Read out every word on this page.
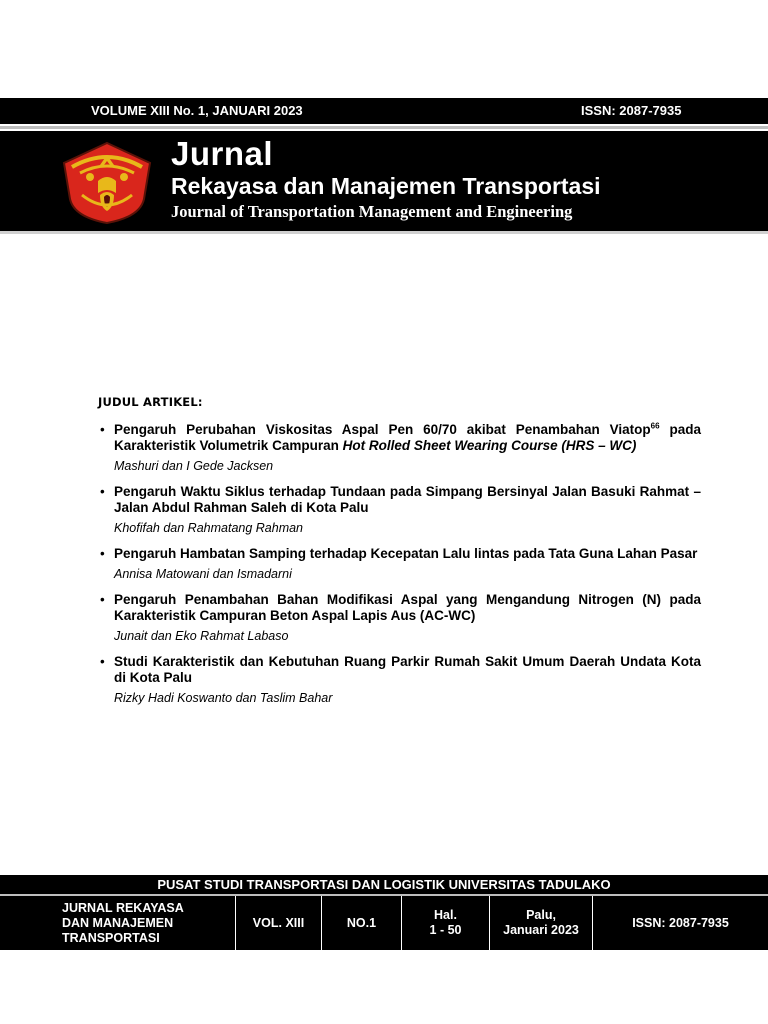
VOLUME XIII No. 1, JANUARI 2023	ISSN: 2087-7935
Jurnal
Rekayasa dan Manajemen Transportasi
Journal of Transportation Management and Engineering
JUDUL ARTIKEL:
• Pengaruh Perubahan Viskositas Aspal Pen 60/70 akibat Penambahan Viatop$^{66}$ pada Karakteristik Volumetrik Campuran Hot Rolled Sheet Wearing Course (HRS – WC)
Mashuri dan I Gede Jacksen
• Pengaruh Waktu Siklus terhadap Tundaan pada Simpang Bersinyal Jalan Basuki Rahmat – Jalan Abdul Rahman Saleh di Kota Palu
Khofifah dan Rahmatang Rahman
• Pengaruh Hambatan Samping terhadap Kecepatan Lalu lintas pada Tata Guna Lahan Pasar
Annisa Matowani dan Ismadarni
• Pengaruh Penambahan Bahan Modifikasi Aspal yang Mengandung Nitrogen (N) pada Karakteristik Campuran Beton Aspal Lapis Aus (AC-WC)
Junait dan Eko Rahmat Labaso
• Studi Karakteristik dan Kebutuhan Ruang Parkir Rumah Sakit Umum Daerah Undata Kota di Kota Palu
Rizky Hadi Koswanto dan Taslim Bahar
PUSAT STUDI TRANSPORTASI DAN LOGISTIK UNIVERSITAS TADULAKO
JURNAL REKAYASA
DAN MANAJEMEN
TRANSPORTASI
VOL. XIII	NO.1
Hal.
1 - 50
Palu,
Januari 2023
ISSN: 2087-7935
